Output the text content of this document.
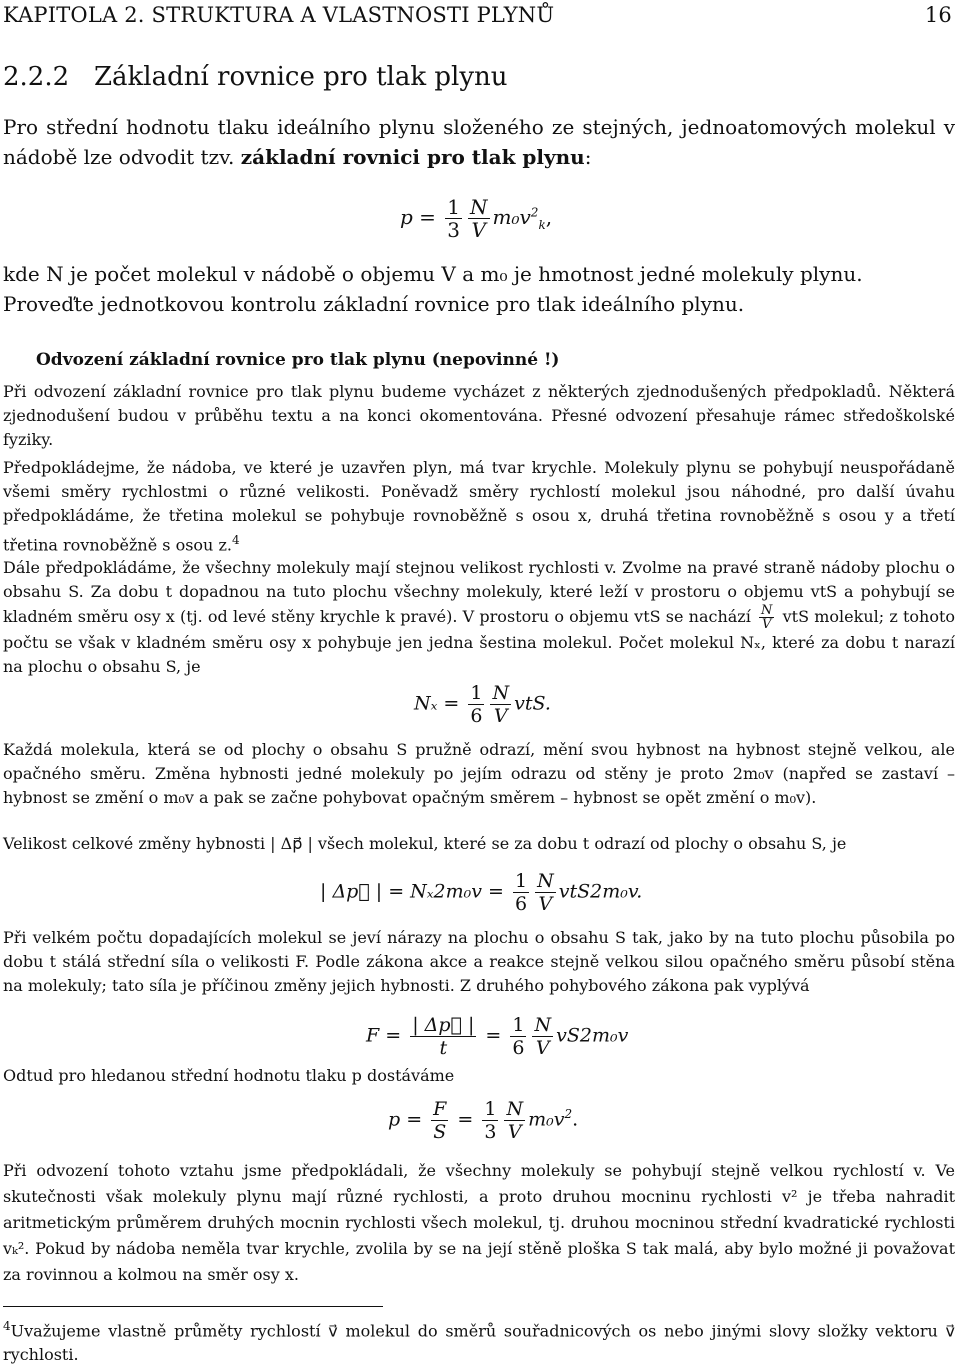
KAPITOLA 2. STRUKTURA A VLASTNOSTI PLYNŮ	16
2.2.2 Základní rovnice pro tlak plynu
Pro střední hodnotu tlaku ideálního plynu složeného ze stejných, jednoatomových molekul v nádobě lze odvodit tzv. základní rovnici pro tlak plynu:
$p = \frac{1}{3} \frac{N}{V} m_0v^2_k$,

kde N je počet molekul v nádobě o objemu V a m₀ je hmotnost jedné molekuly plynu.

Proveďte jednotkovou kontrolu základní rovnice pro tlak ideálního plynu.

Odvození základní rovnice pro tlak plynu (nepovinné !)
Při odvození základní rovnice pro tlak plynu budeme vycházet z některých zjednodušených předpokladů. Některá zjednodušení budou v průběhu textu a na konci okomentována. Přesné odvození přesahuje rámec středoškolské fyziky.
Předpokládejme, že nádoba, ve které je uzavřen plyn, má tvar krychle. Molekuly plynu se pohybují neuspořádaně všemi směry rychlostmi o různé velikosti. Poněvadž směry rychlostí molekul jsou náhodné, pro další úvahu předpokládáme, že třetina molekul se pohybuje rovnoběžně s osou x, druhá třetina rovnoběžně s osou y a třetí třetina rovnoběžně s osou z.$^4$
Dále předpokládáme, že všechny molekuly mají stejnou velikost rychlosti v. Zvolme na pravé straně nádoby plochu o obsahu S. Za dobu t dopadnou na tuto plochu všechny molekuly, které leží v prostoru o objemu vtS a pohybují se kladném směru osy x (tj. od levé stěny krychle k pravé). V prostoru o objemu vtS se nachází $\frac{N}{V}$ vtS molekul; z tohoto počtu se však v kladném směru osy x pohybuje jen jedna šestina molekul. Počet molekul Nₓ, které za dobu t narazí na plochu o obsahu S, je
$N_x = \frac{1}{6} \frac{N}{V}$ vtS.
Každá molekula, která se od plochy o obsahu S pružně odrazí, mění svou hybnost na hybnost stejně velkou, ale opačného směru. Změna hybnosti jedné molekuly po jejím odrazu od stěny je proto 2m₀v (napřed se zastaví – hybnost se změní o m₀v a pak se začne pohybovat opačným směrem – hybnost se opět změní o m₀v).
Velikost celkové změny hybnosti | Δp⃗ | všech molekul, které se za dobu t odrazí od plochy o obsahu S, je
| Δp⃗ | = $N_x2m_0v = \frac{1}{6} \frac{N}{V} vtS2m_0v$.
Při velkém počtu dopadajících molekul se jeví nárazy na plochu o obsahu S tak, jako by na tuto plochu působila po dobu t stálá střední síla o velikosti F. Podle zákona akce a reakce stejně velkou silou opačného směru působí stěna na molekuly; tato síla je příčinou změny jejich hybnosti. Z druhého pohybového zákona pak vyplývá
$F = \frac{| \Delta p⃗ |}{t} = \frac{1}{6} \frac{N}{V} vS2m_0v$
Odtud pro hledanou střední hodnotu tlaku p dostáváme
$p = \frac{F}{S} = \frac{1}{3} \frac{N}{V} m_0v^2$.
Při odvození tohoto vztahu jsme předpokládali, že všechny molekuly se pohybují stejně velkou rychlostí v. Ve skutečnosti však molekuly plynu mají různé rychlosti, a proto druhou mocninu rychlosti v² je třeba nahradit aritmetickým průměrem druhých mocnin rychlosti všech molekul, tj. druhou mocninou střední kvadratické rychlosti vₖ². Pokud by nádoba neměla tvar krychle, zvolila by se na její stěně ploška S tak malá, aby bylo možné ji považovat za rovinnou a kolmou na směr osy x.
$^4$Uvažujeme vlastně průměty rychlostí v⃗ molekul do směrů souřadnicových os nebo jinými slovy složky vektoru v⃗ rychlosti.
